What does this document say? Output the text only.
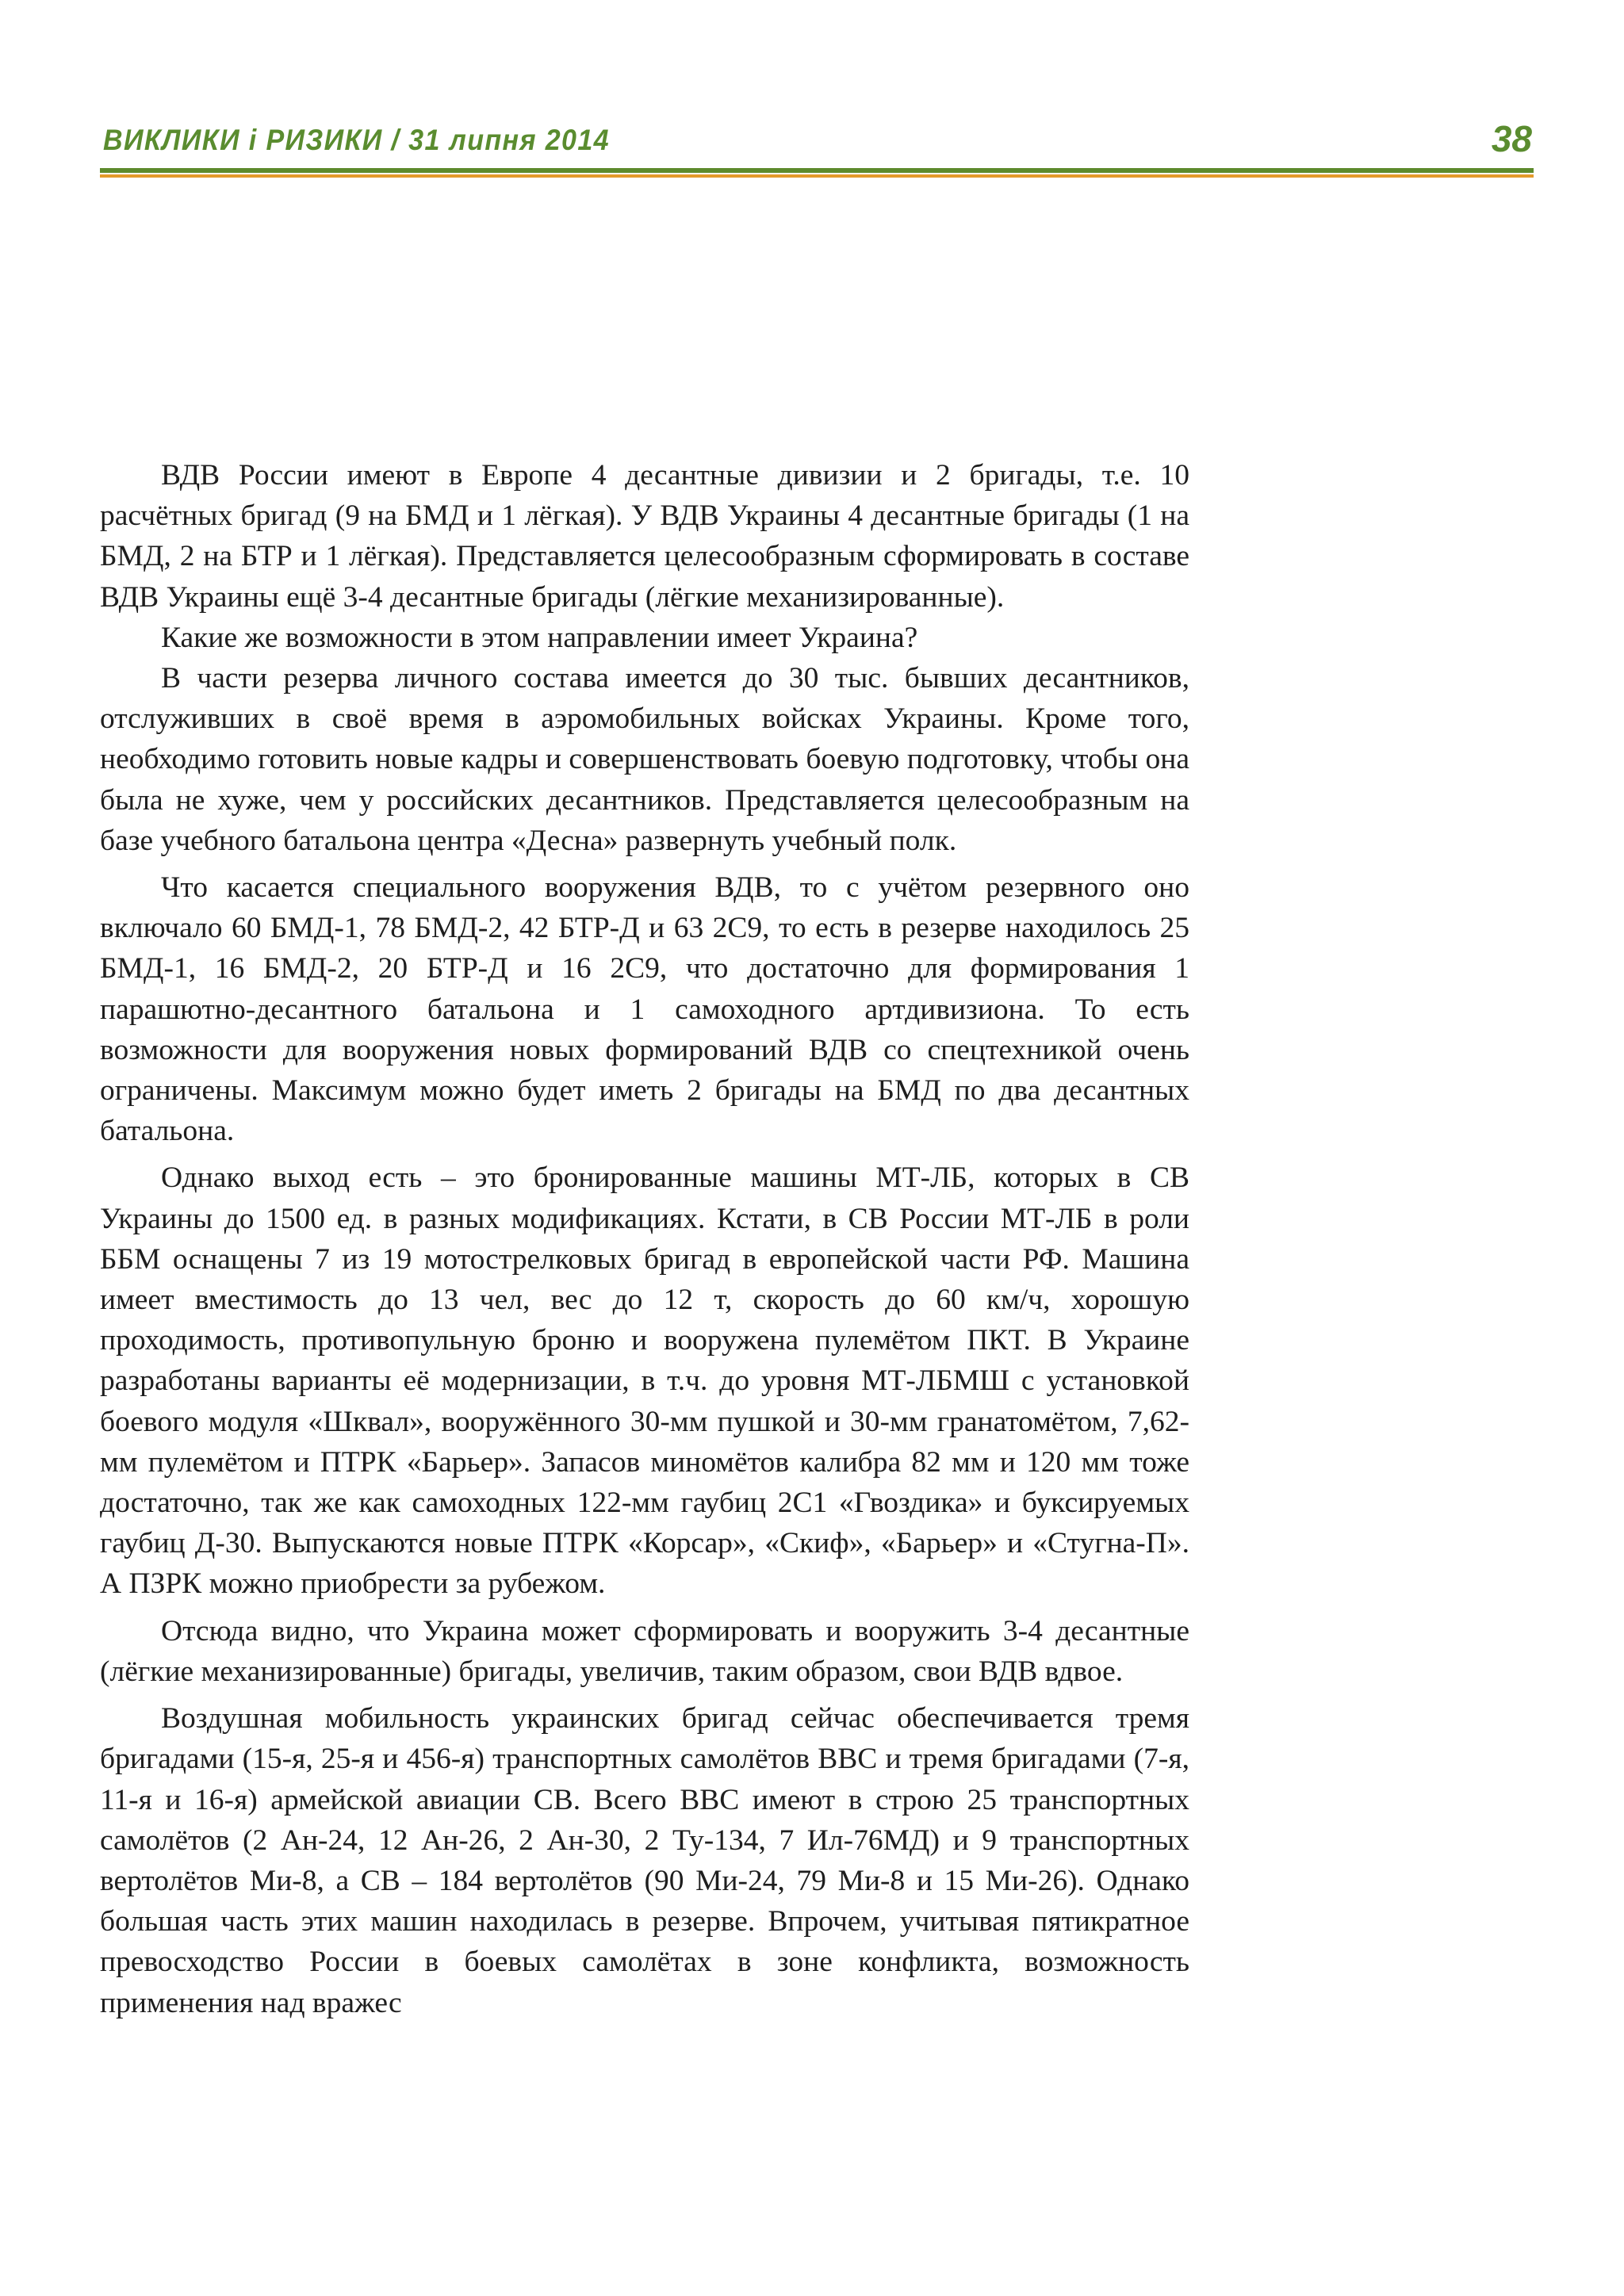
ВИКЛИКИ і РИЗИКИ / 31 липня 2014	38

ВДВ России имеют в Европе 4 десантные дивизии и 2 бригады, т.е. 10 расчётных бригад (9 на БМД и 1 лёгкая). У ВДВ Украины 4 десантные бригады (1 на БМД, 2 на БТР и 1 лёгкая). Представляется целесообразным сформировать в составе ВДВ Украины ещё 3-4 десантные бригады (лёгкие механизированные).

Какие же возможности в этом направлении имеет Украина?

В части резерва личного состава имеется до 30 тыс. бывших десантников, отслуживших в своё время в аэромобильных войсках Украины. Кроме того, необходимо готовить новые кадры и совершенствовать боевую подготовку, чтобы она была не хуже, чем у российских десантников. Представляется целесообразным на базе учебного батальона центра «Десна» развернуть учебный полк.

Что касается специального вооружения ВДВ, то с учётом резервного оно включало 60 БМД-1, 78 БМД-2, 42 БТР-Д и 63 2С9, то есть в резерве находилось 25 БМД-1, 16 БМД-2, 20 БТР-Д и 16 2С9, что достаточно для формирования 1 парашютно-десантного батальона и 1 самоходного артдивизиона. То есть возможности для вооружения новых формирований ВДВ со спецтехникой очень ограничены. Максимум можно будет иметь 2 бригады на БМД по два десантных батальона.

Однако выход есть – это бронированные машины МТ-ЛБ, которых в СВ Украины до 1500 ед. в разных модификациях. Кстати, в СВ России МТ-ЛБ в роли ББМ оснащены 7 из 19 мотострелковых бригад в европейской части РФ. Машина имеет вместимость до 13 чел, вес до 12 т, скорость до 60 км/ч, хорошую проходимость, противопульную броню и вооружена пулемётом ПКТ. В Украине разработаны варианты её модернизации, в т.ч. до уровня МТ-ЛБМШ с установкой боевого модуля «Шквал», вооружённого 30-мм пушкой и 30-мм гранатомётом, 7,62-мм пулемётом и ПТРК «Барьер». Запасов миномётов калибра 82 мм и 120 мм тоже достаточно, так же как самоходных 122-мм гаубиц 2С1 «Гвоздика» и буксируемых гаубиц Д-30. Выпускаются новые ПТРК «Корсар», «Скиф», «Барьер» и «Стугна-П». А ПЗРК можно приобрести за рубежом.

Отсюда видно, что Украина может сформировать и вооружить 3-4 десантные (лёгкие механизированные) бригады, увеличив, таким образом, свои ВДВ вдвое.

Воздушная мобильность украинских бригад сейчас обеспечивается тремя бригадами (15-я, 25-я и 456-я) транспортных самолётов ВВС и тремя бригадами (7-я, 11-я и 16-я) армейской авиации СВ. Всего ВВС имеют в строю 25 транспортных самолётов (2 Ан-24, 12 Ан-26, 2 Ан-30, 2 Ту-134, 7 Ил-76МД) и 9 транспортных вертолётов Ми-8, а СВ – 184 вертолётов (90 Ми-24, 79 Ми-8 и 15 Ми-26). Однако большая часть этих машин находилась в резерве. Впрочем, учитывая пятикратное превосходство России в боевых самолётах в зоне конфликта, возможность применения над вражес
